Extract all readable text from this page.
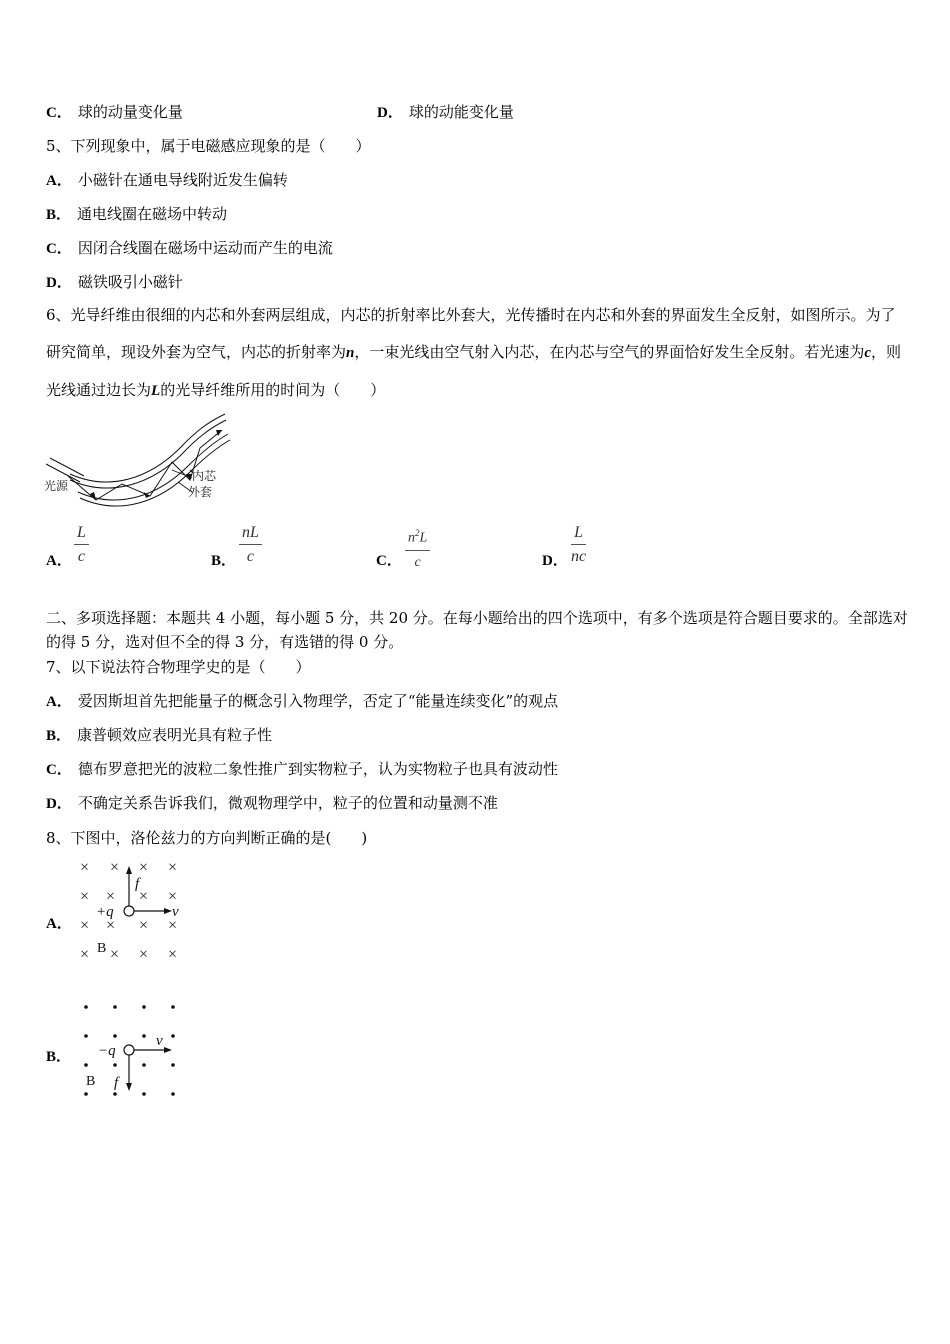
C． 球的动量变化量	D． 球的动能变化量
5、下列现象中，属于电磁感应现象的是（　　）
A． 小磁针在通电导线附近发生偏转
B． 通电线圈在磁场中转动
C． 因闭合线圈在磁场中运动而产生的电流
D． 磁铁吸引小磁针
6、光导纤维由很细的内芯和外套两层组成，内芯的折射率比外套大，光传播时在内芯和外套的界面发生全反射，如图所示。为了研究简单，现设外套为空气，内芯的折射率为n，一束光线由空气射入内芯，在内芯与空气的界面恰好发生全反射。若光速为c，则光线通过边长为L的光导纤维所用的时间为（　　）
光源
内芯
外套
A．
L
c	B．
nL
c	C．
$n^2L$
c	D．
L
nc
二、多项选择题：本题共 4 小题，每小题 5 分，共 20 分。在每小题给出的四个选项中，有多个选项是符合题目要求的。全部选对的得 5 分，选对但不全的得 3 分，有选错的得 0 分。
7、以下说法符合物理学史的是（　　）
A． 爱因斯坦首先把能量子的概念引入物理学，否定了“能量连续变化”的观点
B． 康普顿效应表明光具有粒子性
C． 德布罗意把光的波粒二象性推广到实物粒子，认为实物粒子也具有波动性
D． 不确定关系告诉我们，微观物理学中，粒子的位置和动量测不准
8、下图中，洛伦兹力的方向判断正确的是(　　)
A．
× × × ×
×	× ×
×	× ×
× × × ×
×
×
+q
f
v
B
B． −q
v
f
B
